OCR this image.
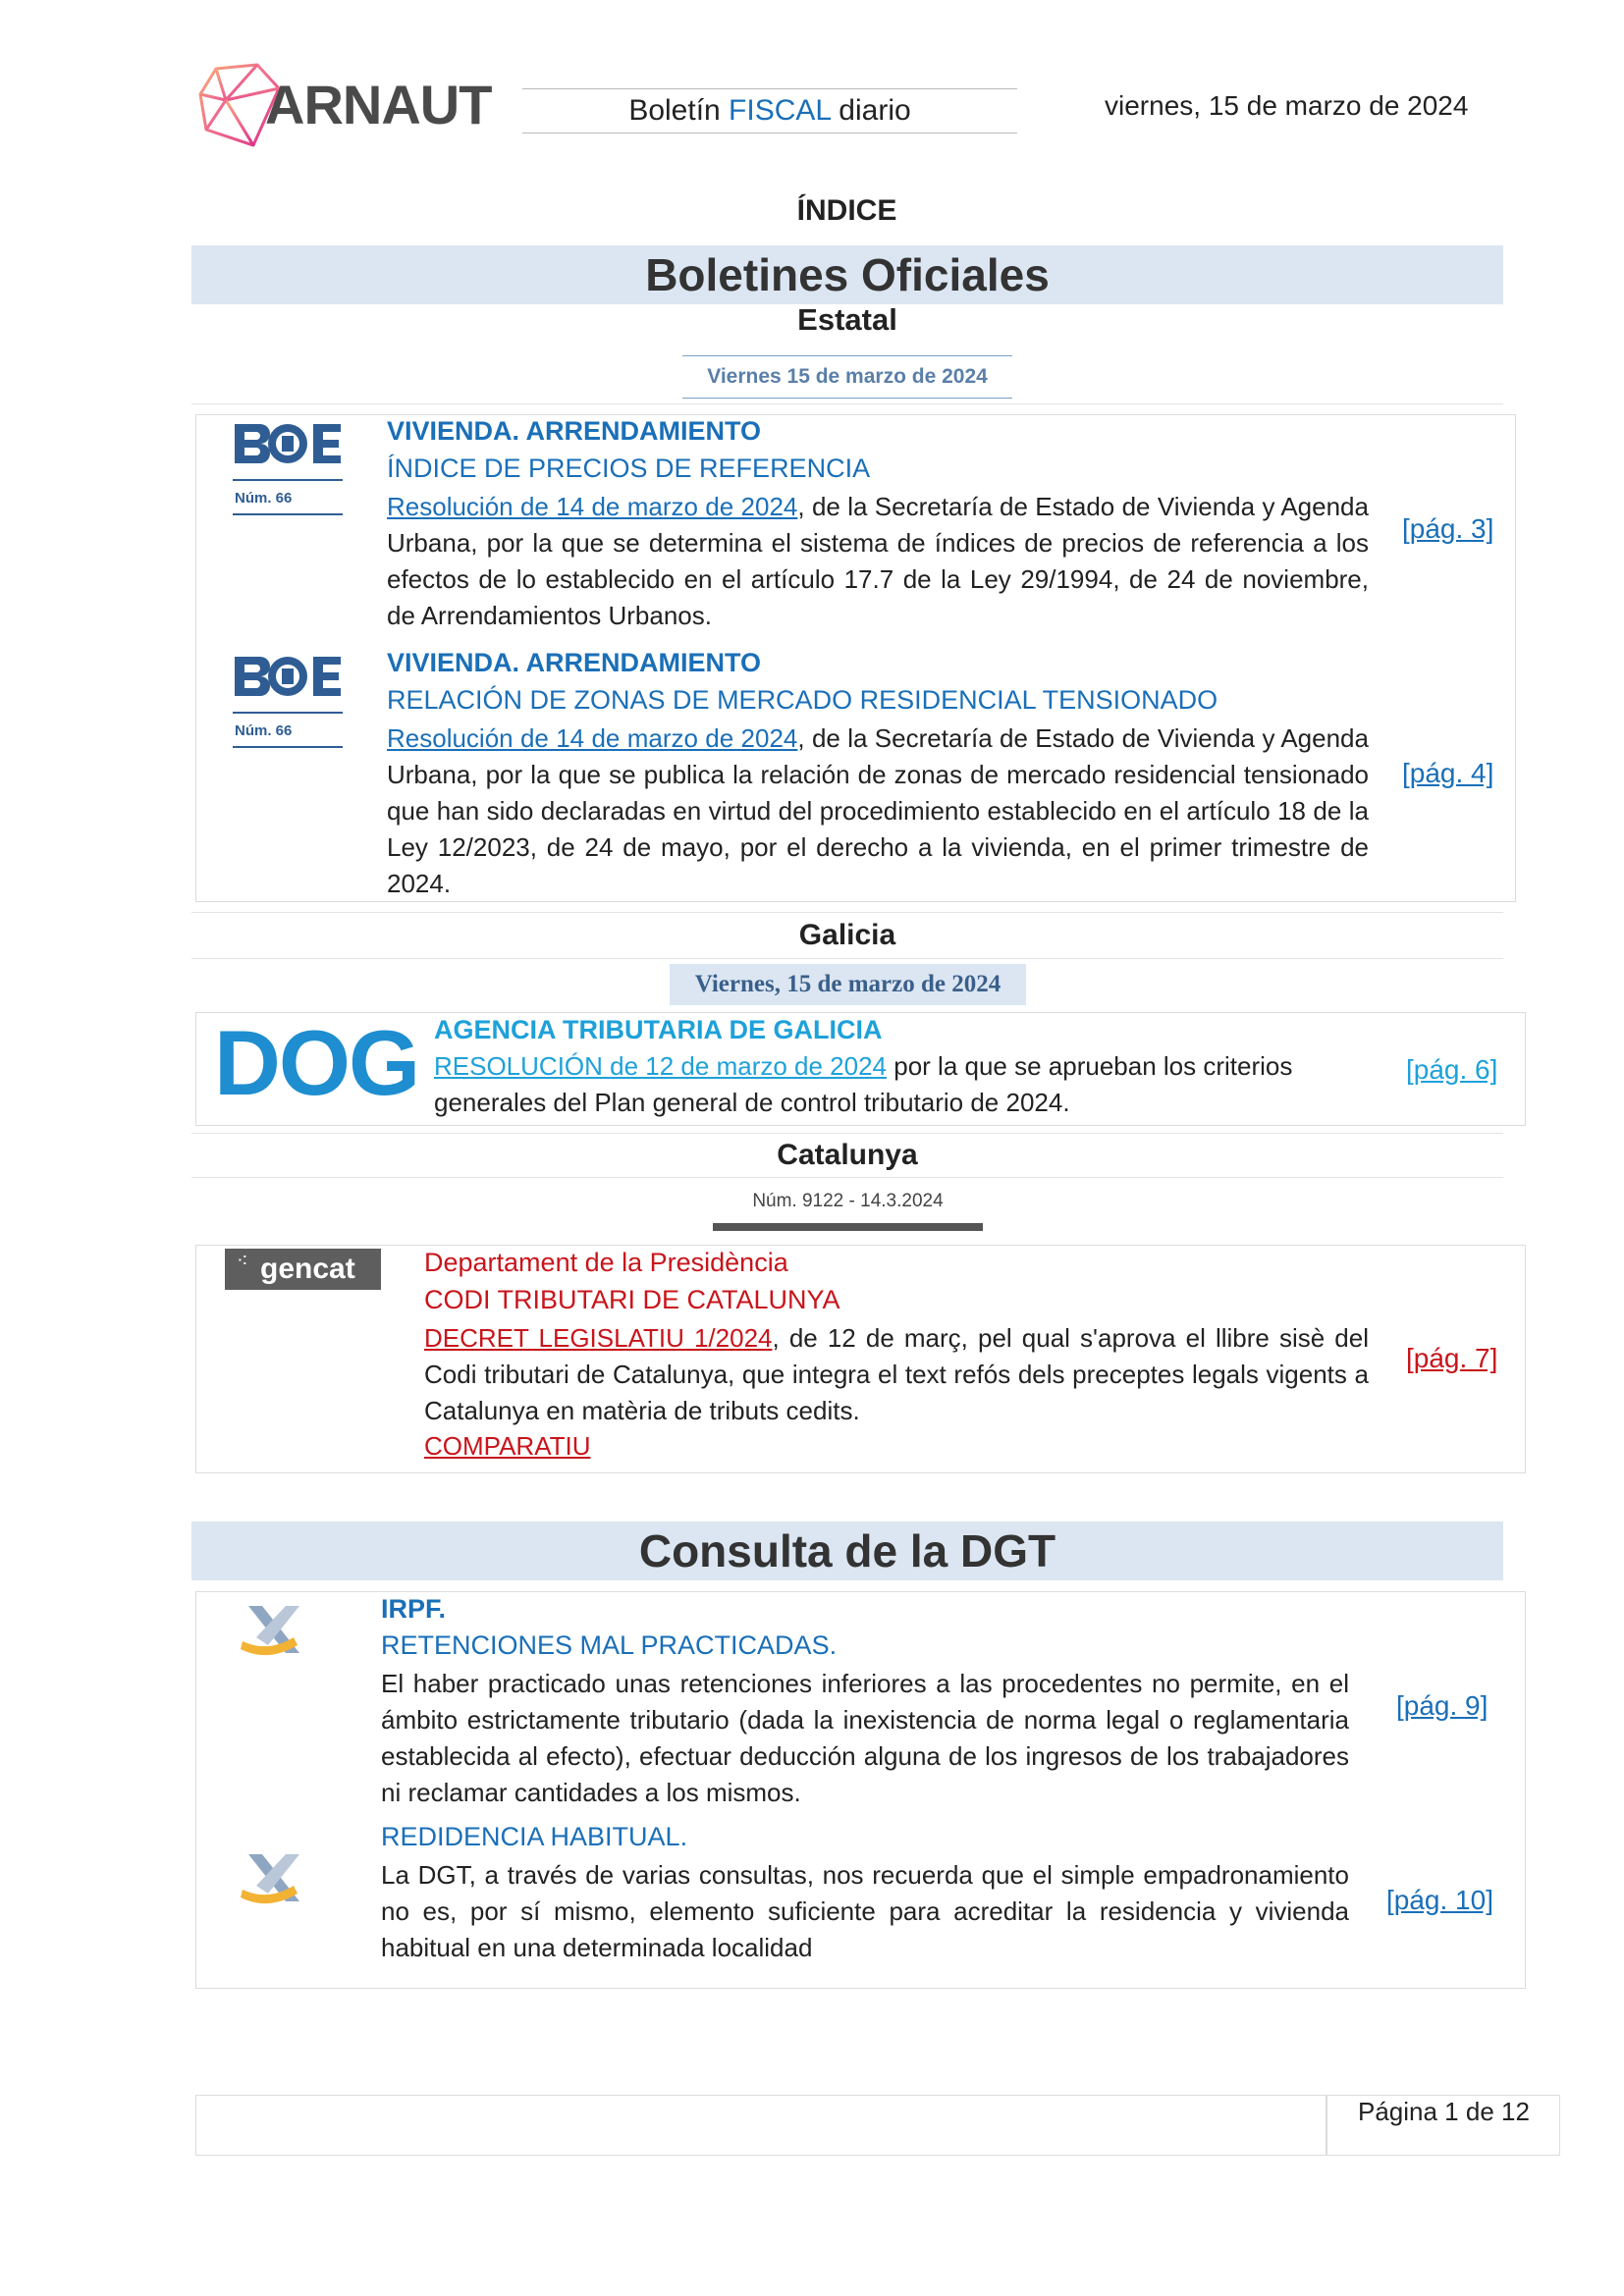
ARNAUT	Boletín FISCAL diario	viernes, 15 de marzo de 2024
ÍNDICE
Boletines Oficiales
Estatal
Viernes 15 de marzo de 2024
Núm. 66
VIVIENDA. ARRENDAMIENTO
ÍNDICE DE PRECIOS DE REFERENCIA
Resolución de 14 de marzo de 2024, de la Secretaría de Estado de Vivienda y Agenda Urbana, por la que se determina el sistema de índices de precios de referencia a los efectos de lo establecido en el artículo 17.7 de la Ley 29/1994, de 24 de noviembre, de Arrendamientos Urbanos.
[pág. 3]
Núm. 66
VIVIENDA. ARRENDAMIENTO
RELACIÓN DE ZONAS DE MERCADO RESIDENCIAL TENSIONADO
Resolución de 14 de marzo de 2024, de la Secretaría de Estado de Vivienda y Agenda Urbana, por la que se publica la relación de zonas de mercado residencial tensionado que han sido declaradas en virtud del procedimiento establecido en el artículo 18 de la Ley 12/2023, de 24 de mayo, por el derecho a la vivienda, en el primer trimestre de 2024.
[pág. 4]
Galicia
Viernes, 15 de marzo de 2024
DOG AGENCIA TRIBUTARIA DE GALICIA
RESOLUCIÓN de 12 de marzo de 2024 por la que se aprueban los criterios generales del Plan general de control tributario de 2024.
[pág. 6]
Catalunya
Núm. 9122 - 14.3.2024
⁖ gencat	Departament de la Presidència
CODI TRIBUTARI DE CATALUNYA
DECRET LEGISLATIU 1/2024, de 12 de març, pel qual s'aprova el llibre sisè del Codi tributari de Catalunya, que integra el text refós dels preceptes legals vigents a Catalunya en matèria de tributs cedits.
COMPARATIU
[pág. 7]
Consulta de la DGT
IRPF.
RETENCIONES MAL PRACTICADAS.
El haber practicado unas retenciones inferiores a las procedentes no permite, en el ámbito estrictamente tributario (dada la inexistencia de norma legal o reglamentaria establecida al efecto), efectuar deducción alguna de los ingresos de los trabajadores ni reclamar cantidades a los mismos.
[pág. 9]
REDIDENCIA HABITUAL.
La DGT, a través de varias consultas, nos recuerda que el simple empadronamiento no es, por sí mismo, elemento suficiente para acreditar la residencia y vivienda habitual en una determinada localidad
[pág. 10]
Página 1 de 12
